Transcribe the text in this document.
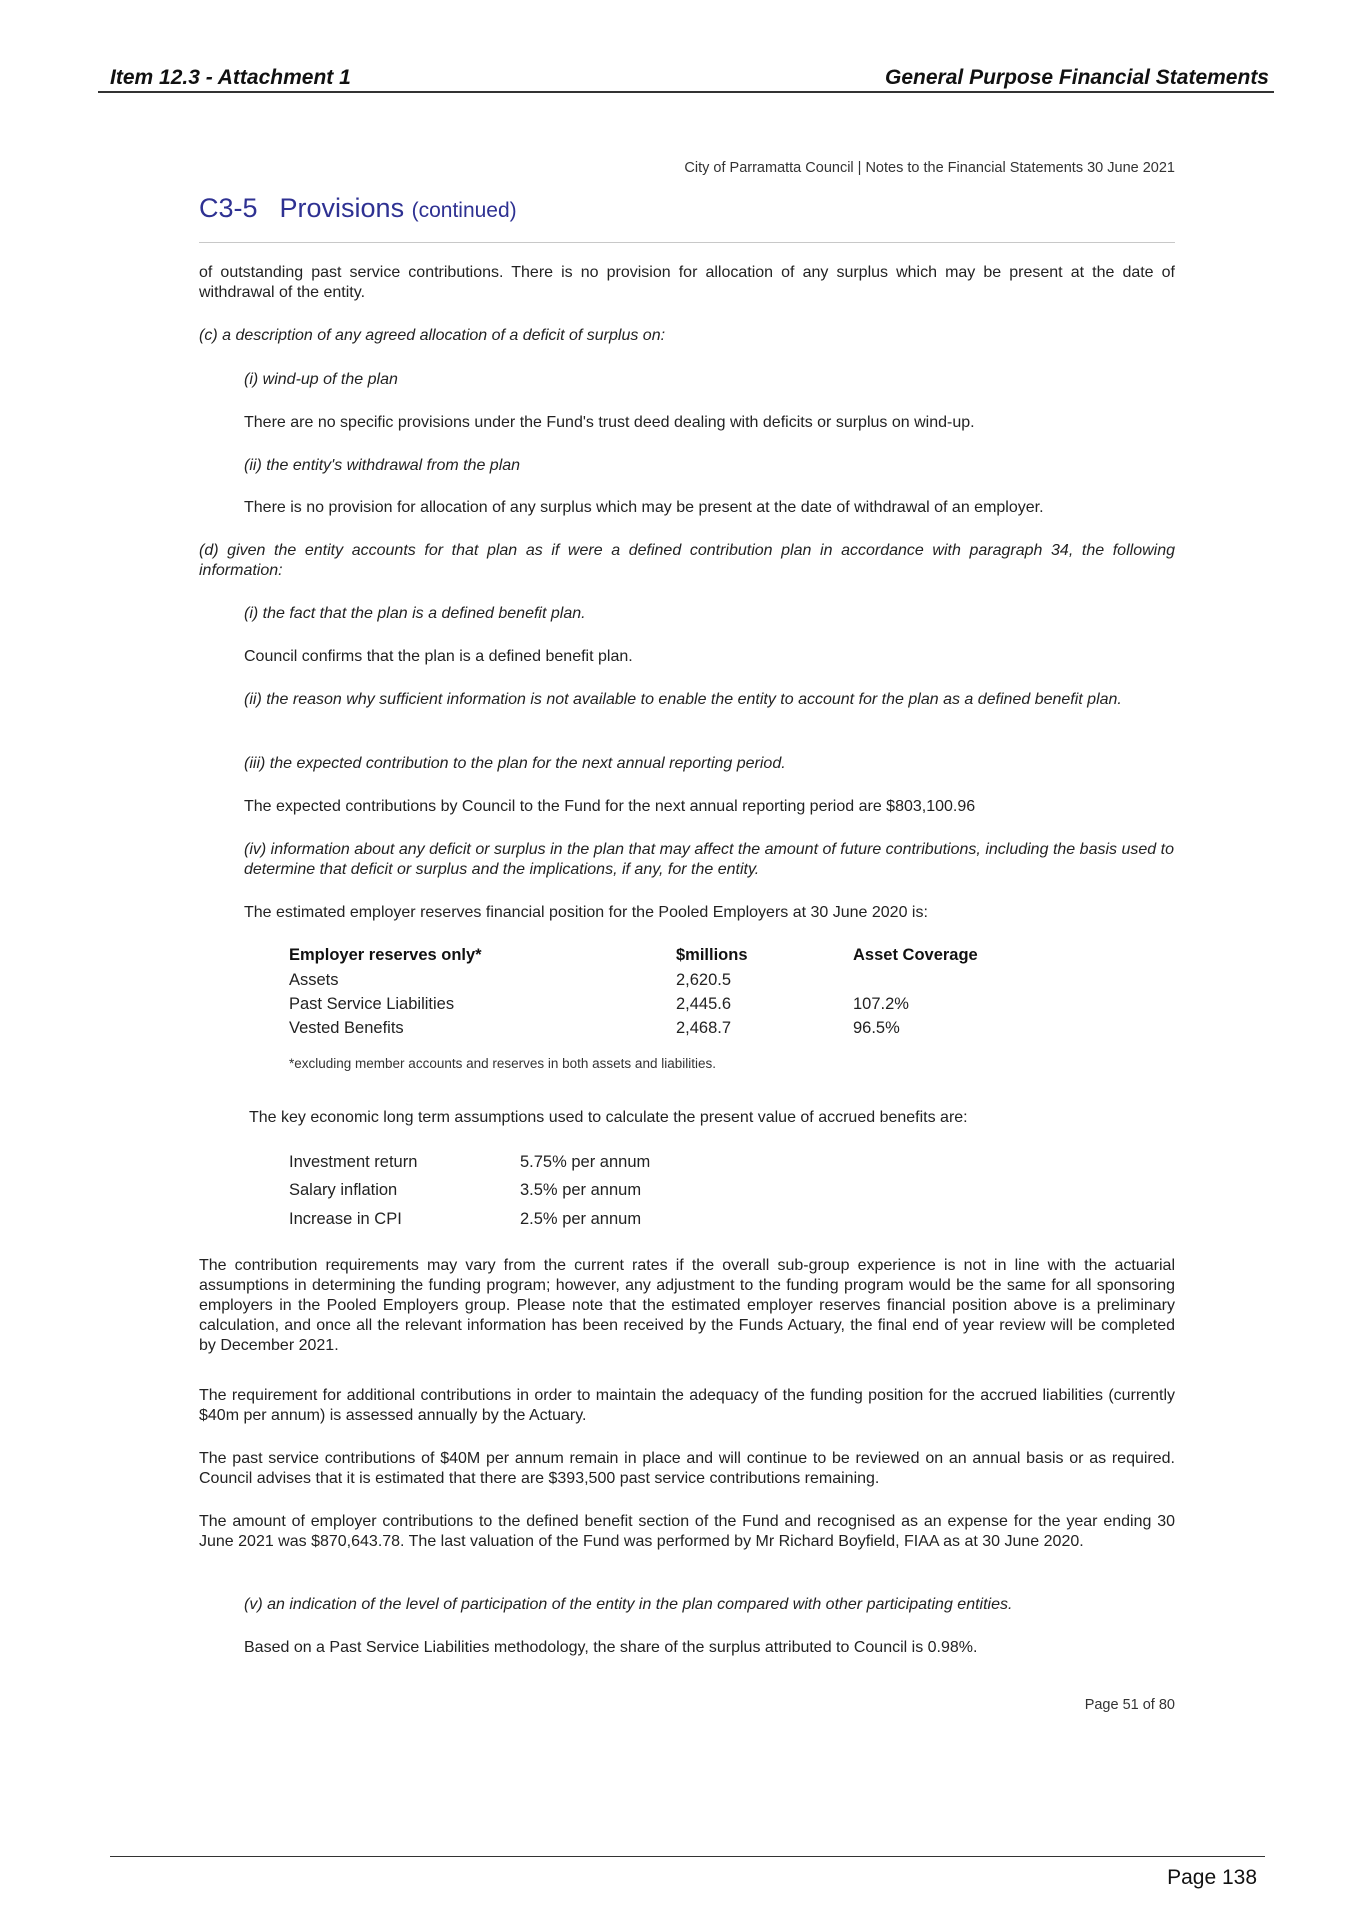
Item 12.3 - Attachment 1	General Purpose Financial Statements
City of Parramatta Council | Notes to the Financial Statements 30 June 2021
C3-5 Provisions (continued)
of outstanding past service contributions. There is no provision for allocation of any surplus which may be present at the date of withdrawal of the entity.
(c) a description of any agreed allocation of a deficit of surplus on:
(i) wind-up of the plan
There are no specific provisions under the Fund's trust deed dealing with deficits or surplus on wind-up.
(ii) the entity's withdrawal from the plan
There is no provision for allocation of any surplus which may be present at the date of withdrawal of an employer.
(d) given the entity accounts for that plan as if were a defined contribution plan in accordance with paragraph 34, the following information:
(i) the fact that the plan is a defined benefit plan.
Council confirms that the plan is a defined benefit plan.
(ii) the reason why sufficient information is not available to enable the entity to account for the plan as a defined benefit plan.
(iii) the expected contribution to the plan for the next annual reporting period.
The expected contributions by Council to the Fund for the next annual reporting period are $803,100.96
(iv) information about any deficit or surplus in the plan that may affect the amount of future contributions, including the basis used to determine that deficit or surplus and the implications, if any, for the entity.
The estimated employer reserves financial position for the Pooled Employers at 30 June 2020 is:
Employer reserves only*	$millions	Asset Coverage
Assets	2,620.5
Past Service Liabilities	2,445.6	107.2%
Vested Benefits	2,468.7	96.5%
*excluding member accounts and reserves in both assets and liabilities.
The key economic long term assumptions used to calculate the present value of accrued benefits are:
Investment return	5.75% per annum
Salary inflation	3.5% per annum
Increase in CPI	2.5% per annum
The contribution requirements may vary from the current rates if the overall sub-group experience is not in line with the actuarial assumptions in determining the funding program; however, any adjustment to the funding program would be the same for all sponsoring employers in the Pooled Employers group. Please note that the estimated employer reserves financial position above is a preliminary calculation, and once all the relevant information has been received by the Funds Actuary, the final end of year review will be completed by December 2021.
The requirement for additional contributions in order to maintain the adequacy of the funding position for the accrued liabilities (currently $40m per annum) is assessed annually by the Actuary.
The past service contributions of $40M per annum remain in place and will continue to be reviewed on an annual basis or as required. Council advises that it is estimated that there are $393,500 past service contributions remaining.
The amount of employer contributions to the defined benefit section of the Fund and recognised as an expense for the year ending 30 June 2021 was $870,643.78. The last valuation of the Fund was performed by Mr Richard Boyfield, FIAA as at 30 June 2020.
(v) an indication of the level of participation of the entity in the plan compared with other participating entities.
Based on a Past Service Liabilities methodology, the share of the surplus attributed to Council is 0.98%.
Page 51 of 80
Page 138
